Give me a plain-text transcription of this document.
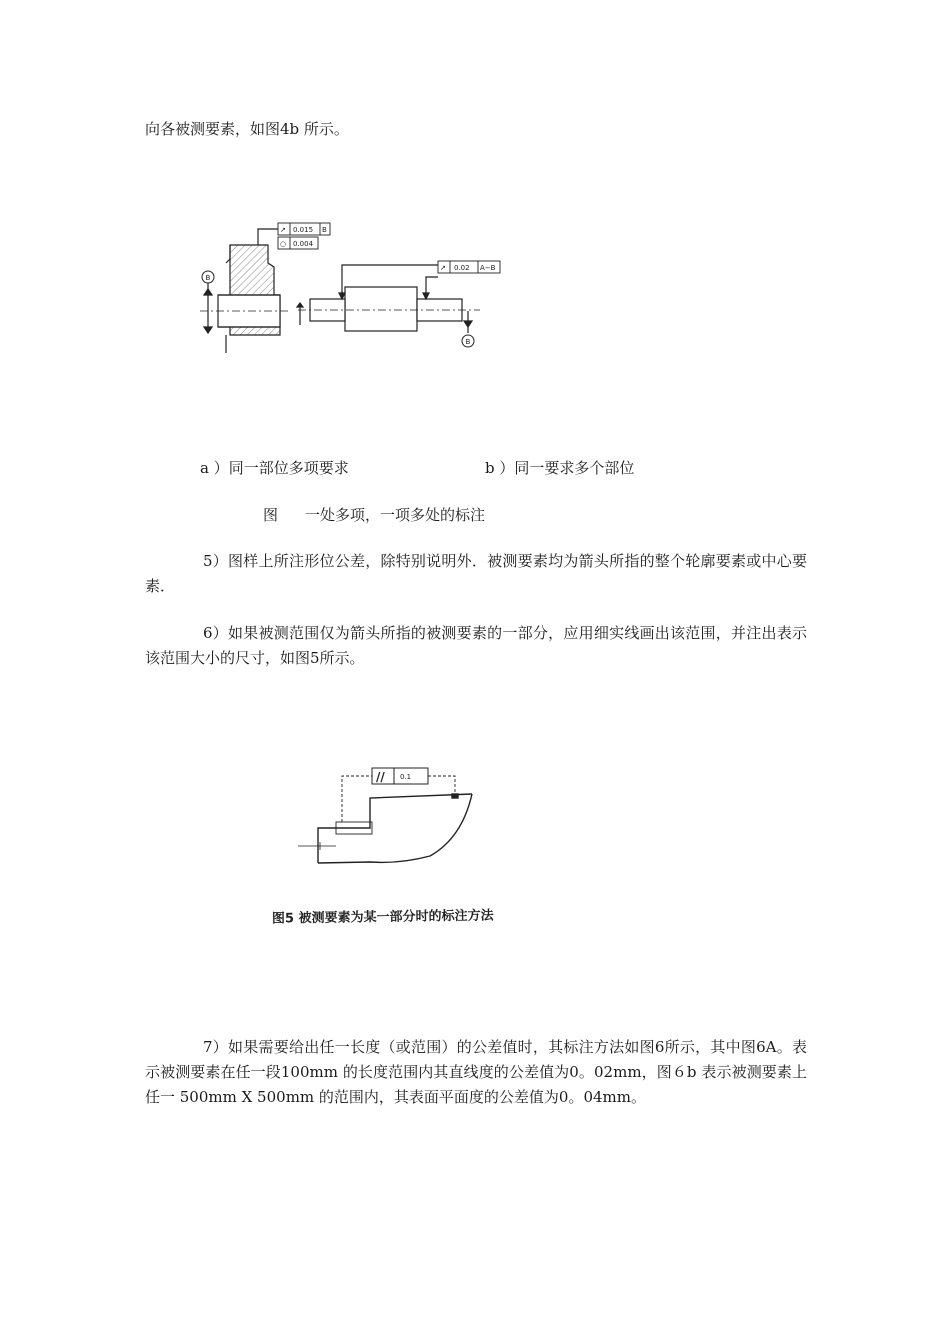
向各被测要素，如图4b 所示。
B
↗ 0.015 B
○ 0.004
B
↗ 0.02 A−B
a ）同一部位多项要求	b ）同一要求多个部位
图 一处多项，一项多处的标注
5）图样上所注形位公差，除特别说明外．被测要素均为箭头所指的整个轮廓要素或中心要素．
6）如果被测范围仅为箭头所指的被测要素的一部分，应用细实线画出该范围，并注出表示该范围大小的尺寸，如图5所示。
// 0.1
图5 被测要素为某一部分时的标注方法
7）如果需要给出任一长度（或范围）的公差值时，其标注方法如图6所示，其中图6A。表示被测要素在任一段100mm 的长度范围内其直线度的公差值为0。02mm，图６b 表示被测要素上任一 500mm X 500mm 的范围内，其表面平面度的公差值为0。04mm。
